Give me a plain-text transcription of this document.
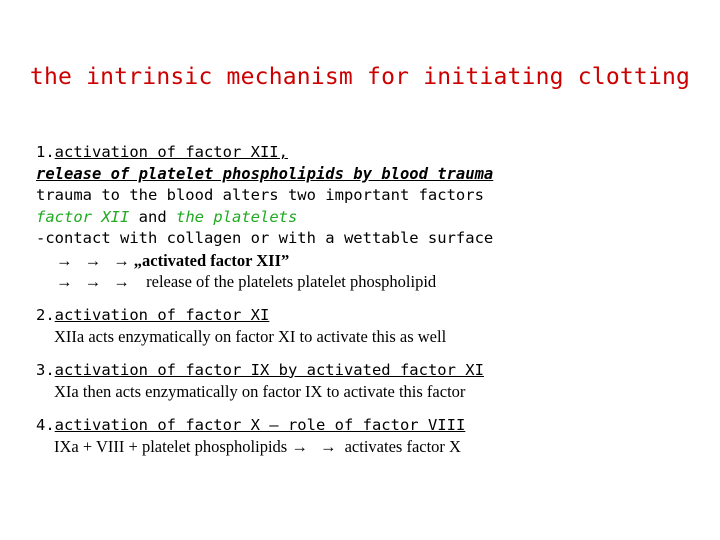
the intrinsic mechanism for initiating clotting
1.activation of factor XII,
release of platelet phospholipids by blood trauma
trauma to the blood alters two important factors
factor XII and the platelets
-contact with collagen or with a wettable surface
→ → →„activated factor XII”
→ → → release of the platelets platelet phospholipid
2.activation of factor XI
XIIa acts enzymatically on factor XI to activate this as well
3.activation of factor IX by activated factor XI
XIa then acts enzymatically on factor IX to activate this factor
4.activation of factor X – role of factor VIII
IXa + VIII + platelet phospholipids → → activates factor X
